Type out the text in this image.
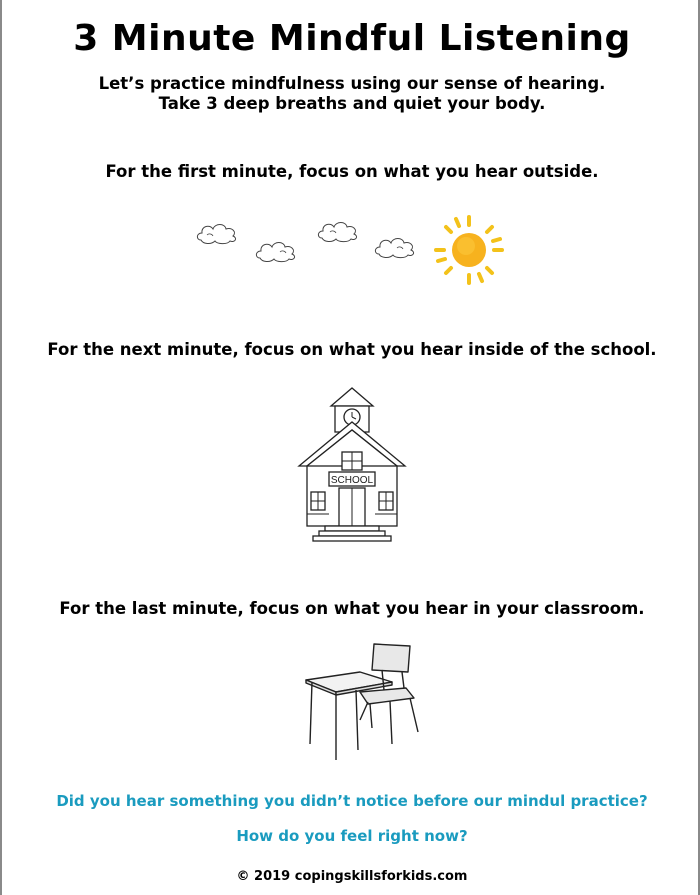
3 Minute Mindful Listening
Let’s practice mindfulness using our sense of hearing.
Take 3 deep breaths and quiet your body.
For the first minute, focus on what you hear outside.
For the next minute, focus on what you hear inside of the school.
SCHOOL
For the last minute, focus on what you hear in your classroom.
Did you hear something you didn’t notice before our mindul practice?
How do you feel right now?
© 2019 copingskillsforkids.com
